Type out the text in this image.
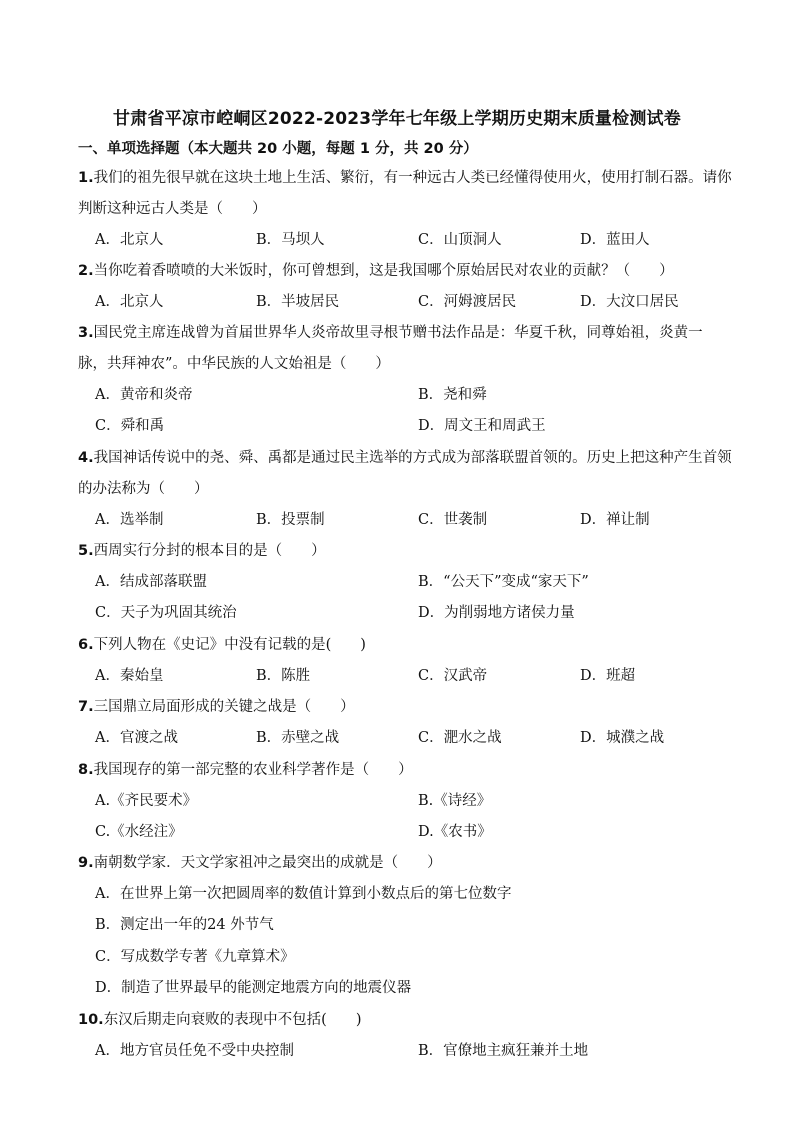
甘肃省平凉市崆峒区2022-2023学年七年级上学期历史期末质量检测试卷
一、单项选择题（本大题共 20 小题，每题 1 分，共 20 分）
1.我们的祖先很早就在这块土地上生活、繁衍，有一种远古人类已经懂得使用火，使用打制石器。请你
判断这种远古人类是（　　）
A．北京人	B．马坝人	C．山顶洞人	D．蓝田人
2.当你吃着香喷喷的大米饭时，你可曾想到，这是我国哪个原始居民对农业的贡献？（　　）
A．北京人	B．半坡居民	C．河姆渡居民	D．大汶口居民
3.国民党主席连战曾为首届世界华人炎帝故里寻根节赠书法作品是：华夏千秋，同尊始祖，炎黄一
脉，共拜神农”。中华民族的人文始祖是（　　）
A．黄帝和炎帝	B．尧和舜
C．舜和禹	D．周文王和周武王
4.我国神话传说中的尧、舜、禹都是通过民主选举的方式成为部落联盟首领的。历史上把这种产生首领
的办法称为（　　）
A．选举制	B．投票制	C．世袭制	D．禅让制
5.西周实行分封的根本目的是（　　）
A．结成部落联盟	B．“公天下”变成“家天下”
C．天子为巩固其统治	D．为削弱地方诸侯力量
6.下列人物在《史记》中没有记载的是(　　)
A．秦始皇	B．陈胜	C．汉武帝	D．班超
7.三国鼎立局面形成的关键之战是（　　）
A．官渡之战	B．赤壁之战	C．淝水之战	D．城濮之战
8.我国现存的第一部完整的农业科学著作是（　　）
A.《齐民要术》	B.《诗经》
C.《水经注》	D.《农书》
9.南朝数学家．天文学家祖冲之最突出的成就是（　　）
A．在世界上第一次把圆周率的数值计算到小数点后的第七位数字
B．测定出一年的24 外节气
C．写成数学专著《九章算术》
D．制造了世界最早的能测定地震方向的地震仪器
10.东汉后期走向衰败的表现中不包括(　　)
A．地方官员任免不受中央控制	B．官僚地主疯狂兼并土地
